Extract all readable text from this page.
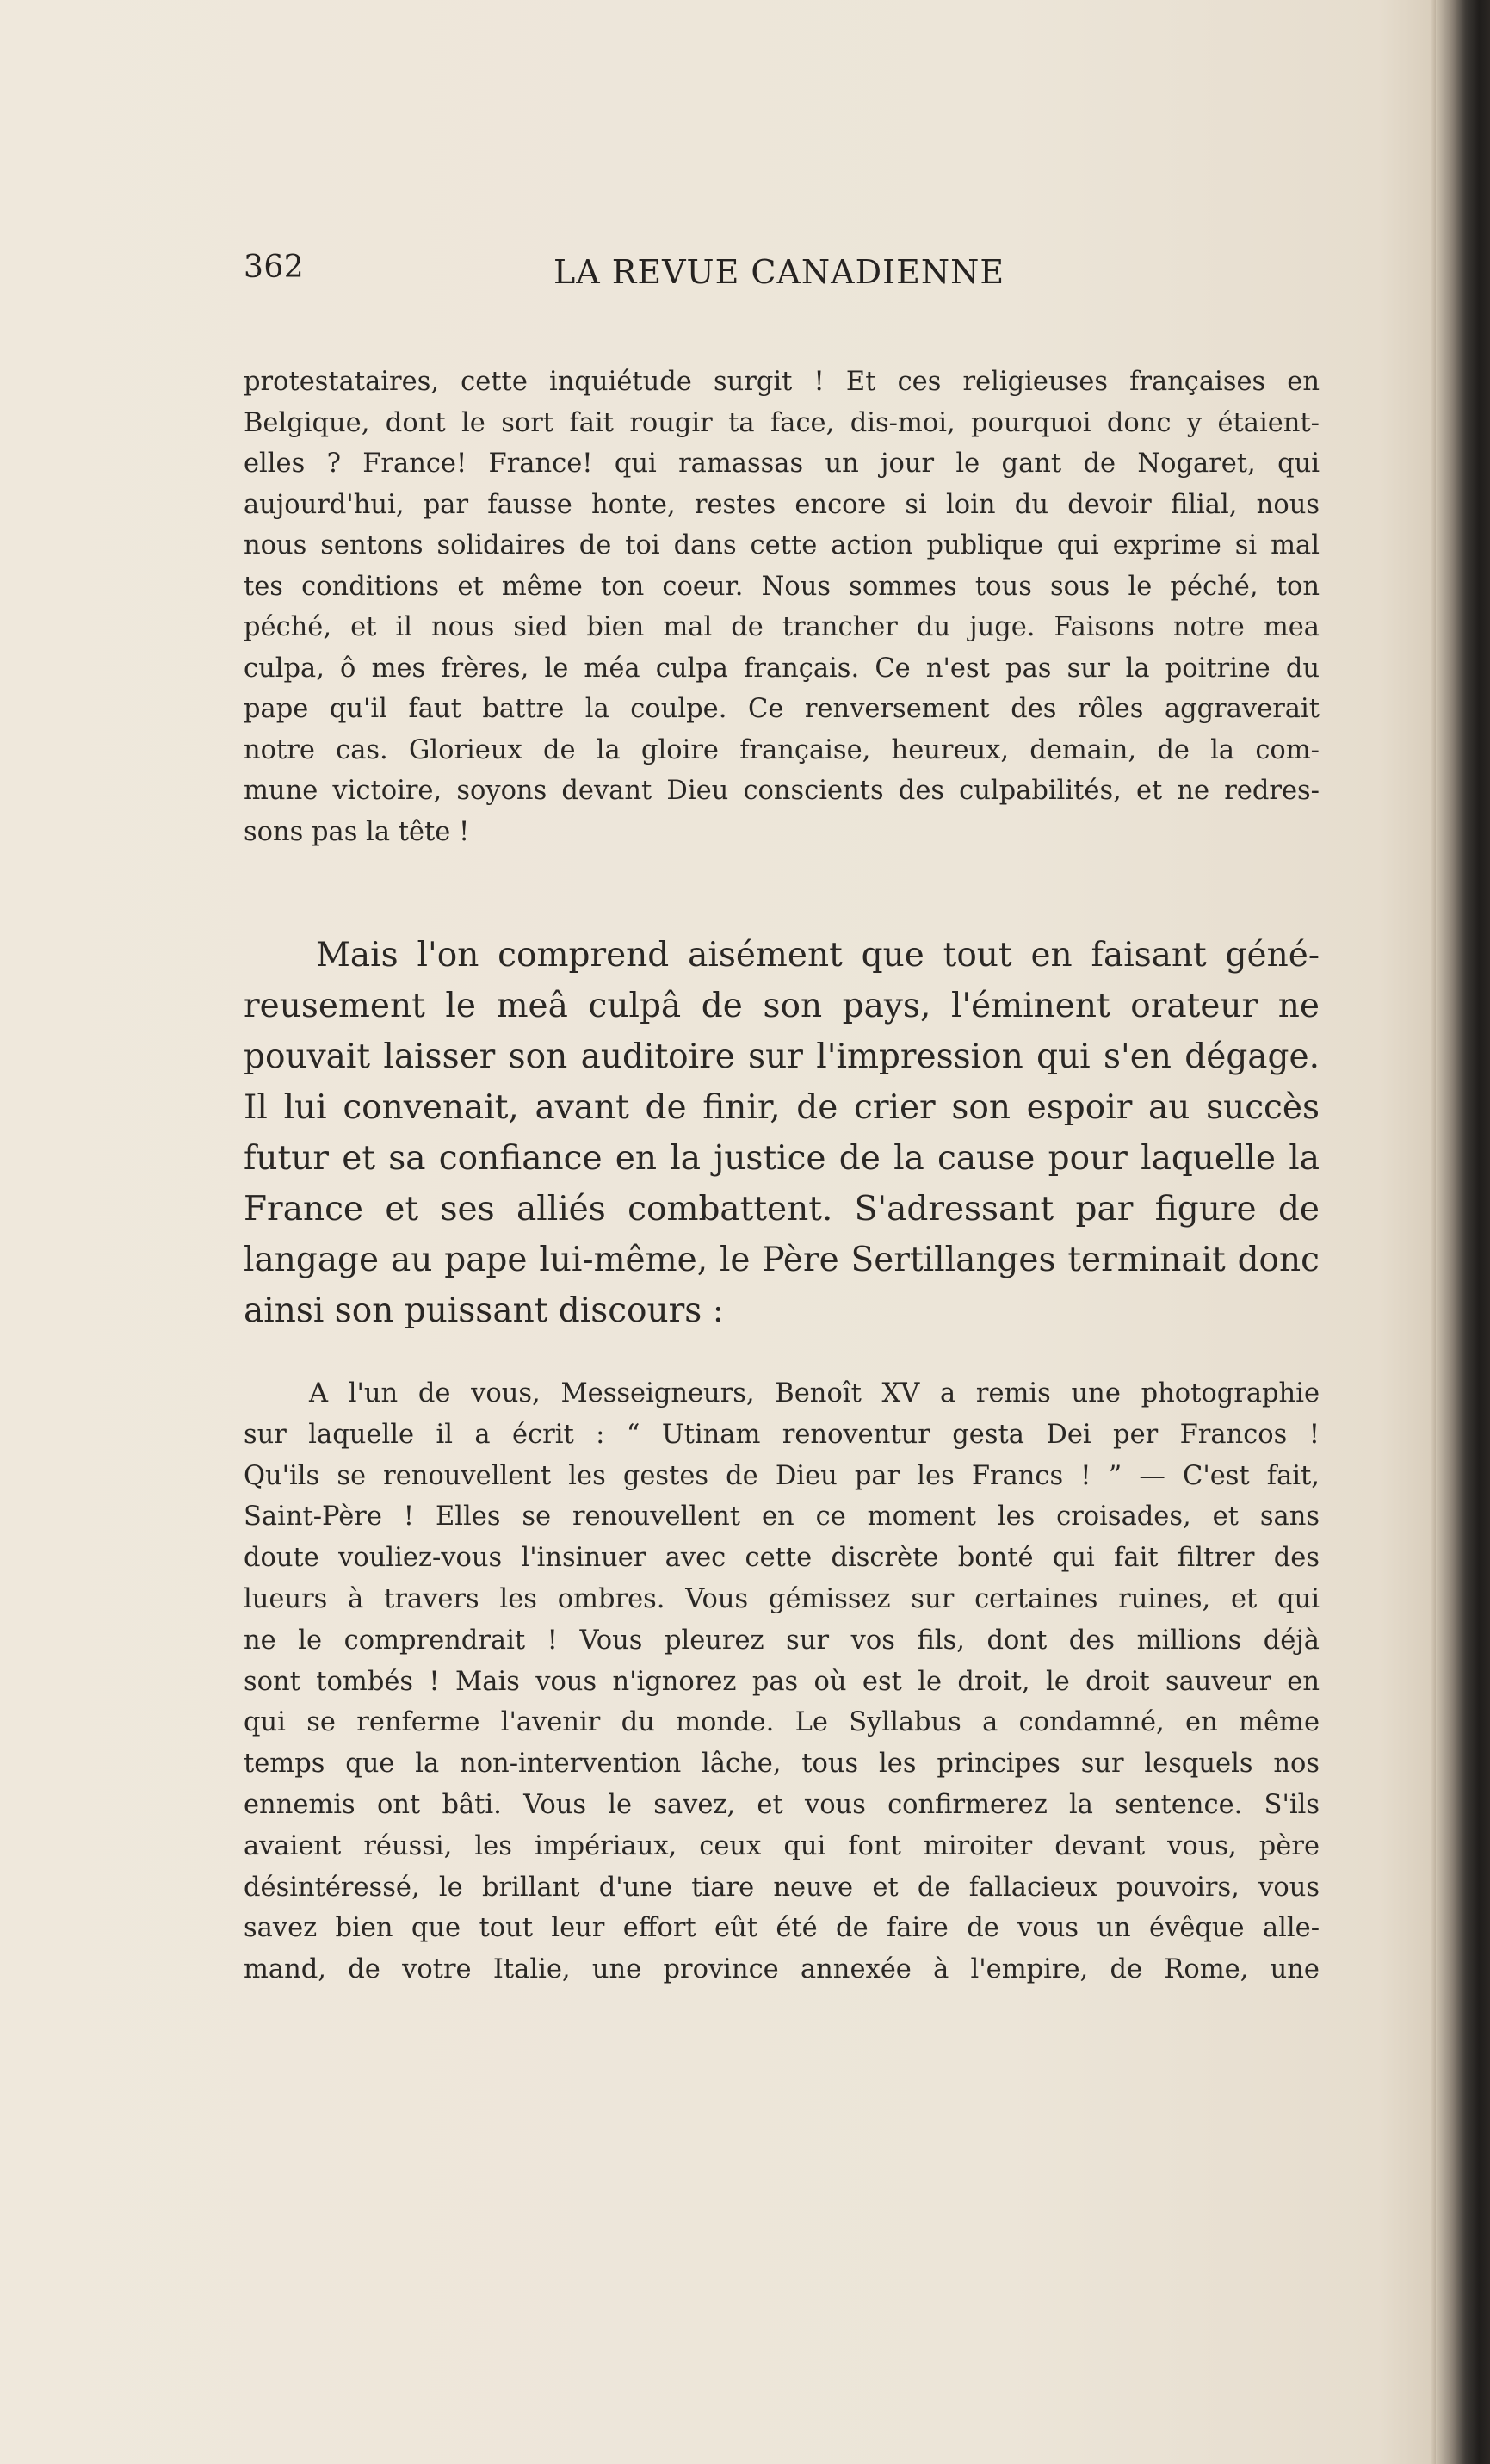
362	LA REVUE CANADIENNE
protestataires, cette inquiétude surgit ! Et ces religieuses françaises en
Belgique, dont le sort fait rougir ta face, dis-moi, pourquoi donc y étaient-
elles ? France! France! qui ramassas un jour le gant de Nogaret, qui
aujourd'hui, par fausse honte, restes encore si loin du devoir filial, nous
nous sentons solidaires de toi dans cette action publique qui exprime si mal
tes conditions et même ton coeur. Nous sommes tous sous le péché, ton
péché, et il nous sied bien mal de trancher du juge. Faisons notre mea
culpa, ô mes frères, le méa culpa français. Ce n'est pas sur la poitrine du
pape qu'il faut battre la coulpe. Ce renversement des rôles aggraverait
notre cas. Glorieux de la gloire française, heureux, demain, de la com-
mune victoire, soyons devant Dieu conscients des culpabilités, et ne redres-
sons pas la tête !
Mais l'on comprend aisément que tout en faisant géné-
reusement le meâ culpâ de son pays, l'éminent orateur ne
pouvait laisser son auditoire sur l'impression qui s'en dégage.
Il lui convenait, avant de finir, de crier son espoir au succès
futur et sa confiance en la justice de la cause pour laquelle la
France et ses alliés combattent. S'adressant par figure de
langage au pape lui-même, le Père Sertillanges terminait donc
ainsi son puissant discours :
A l'un de vous, Messeigneurs, Benoît XV a remis une photographie
sur laquelle il a écrit : “ Utinam renoventur gesta Dei per Francos !
Qu'ils se renouvellent les gestes de Dieu par les Francs ! ” — C'est fait,
Saint-Père ! Elles se renouvellent en ce moment les croisades, et sans
doute vouliez-vous l'insinuer avec cette discrète bonté qui fait filtrer des
lueurs à travers les ombres. Vous gémissez sur certaines ruines, et qui
ne le comprendrait ! Vous pleurez sur vos fils, dont des millions déjà
sont tombés ! Mais vous n'ignorez pas où est le droit, le droit sauveur en
qui se renferme l'avenir du monde. Le Syllabus a condamné, en même
temps que la non-intervention lâche, tous les principes sur lesquels nos
ennemis ont bâti. Vous le savez, et vous confirmerez la sentence. S'ils
avaient réussi, les impériaux, ceux qui font miroiter devant vous, père
désintéressé, le brillant d'une tiare neuve et de fallacieux pouvoirs, vous
savez bien que tout leur effort eût été de faire de vous un évêque alle-
mand, de votre Italie, une province annexée à l'empire, de Rome, une
